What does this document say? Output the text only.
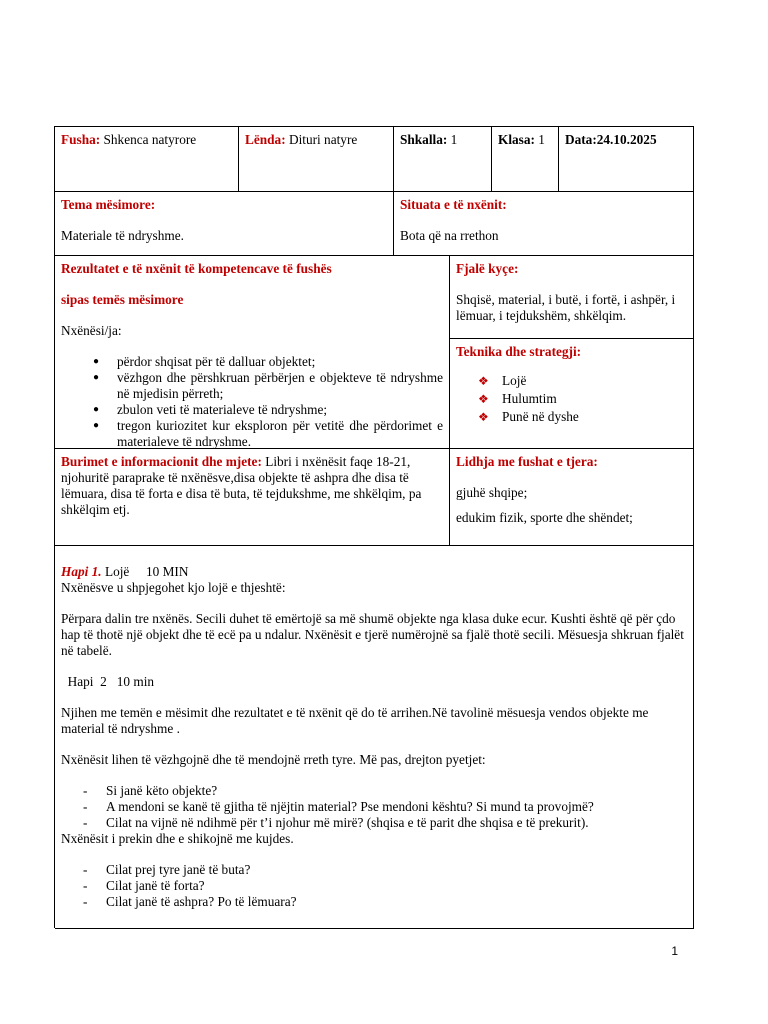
Fusha: Shkenca natyrore	Lënda: Dituri natyre	Shkalla: 1	Klasa: 1	Data:24.10.2025
Tema mësimore:
Materiale të ndryshme.
Situata e të nxënit:
Bota që na rrethon
Rezultatet e të nxënit të kompetencave të fushës
sipas temës mësimore
Nxënësi/ja:
● përdor shqisat për të dalluar objektet;
● vëzhgon dhe përshkruan përbërjen e objekteve të ndryshme në mjedisin përreth;
● zbulon veti të materialeve të ndryshme;
● tregon kuriozitet kur eksploron për vetitë dhe përdorimet e materialeve të ndryshme.
Fjalë kyçe:
Shqisë, material, i butë, i fortë, i ashpër, i lëmuar, i tejdukshëm, shkëlqim.
Teknika dhe strategji:
❖ Lojë
❖ Hulumtim
❖ Punë në dyshe

Burimet e informacionit dhe mjete: Libri i nxënësit faqe 18-21, njohuritë paraprake të nxënësve,disa objekte të ashpra dhe disa të lëmuara, disa të forta e disa të buta, të tejdukshme, me shkëlqim, pa shkëlqim etj.

Lidhja me fushat e tjera:
gjuhë shqipe;
edukim fizik, sporte dhe shëndet;

Hapi 1. Lojë     10 MIN

Nxënësve u shpjegohet kjo lojë e thjeshtë:

Përpara dalin tre nxënës. Secili duhet të emërtojë sa më shumë objekte nga klasa duke ecur. Kushti është që për çdo hap të thotë një objekt dhe të ecë pa u ndalur. Nxënësit e tjerë numërojnë sa fjalë thotë secili. Mësuesja shkruan fjalët në tabelë.

Hapi  2   10 min

Njihen me temën e mësimit dhe rezultatet e të nxënit që do të arrihen.Në tavolinë mësuesja vendos objekte me material të ndryshme .

Nxënësit lihen të vëzhgojnë dhe të mendojnë rreth tyre. Më pas, drejton pyetjet:

- Si janë këto objekte?
- A mendoni se kanë të gjitha të njëjtin material? Pse mendoni kështu? Si mund ta provojmë?
- Cilat na vijnë në ndihmë për t’i njohur më mirë? (shqisa e të parit dhe shqisa e të prekurit).

Nxënësit i prekin dhe e shikojnë me kujdes.

- Cilat prej tyre janë të buta?
- Cilat janë të forta?
- Cilat janë të ashpra? Po të lëmuara?
1
